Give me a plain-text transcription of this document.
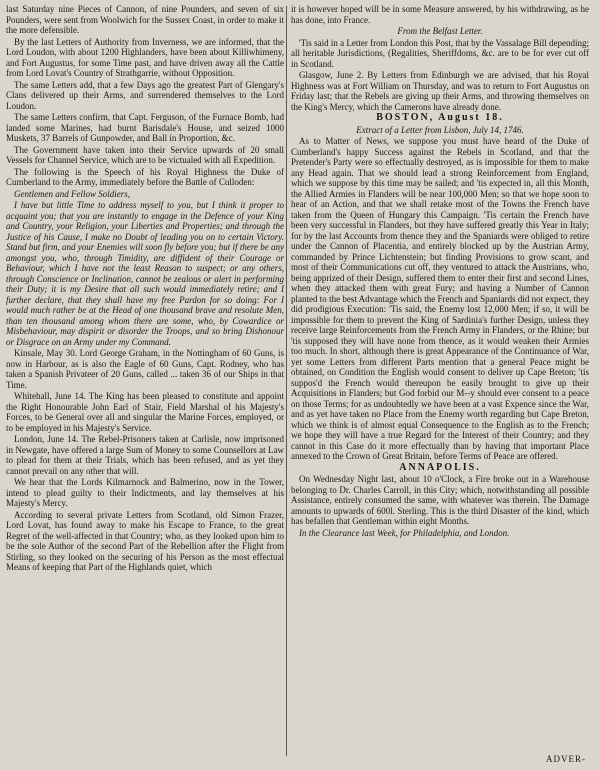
last Saturday nine Pieces of Cannon, of nine Pounders, and seven of six Pounders, were sent from Woolwich for the Sussex Coast, in order to make it the more defensible.

By the last Letters of Authority from Inverness, we are informed, that the Lord Loudon, with about 1200 Highlanders, have been about Killiwhimeny, and Fort Augustus, for some Time past, and have driven away all the Cattle from Lord Lovat's Country of Strathgarrie, without Opposition.

The same Letters add, that a few Days ago the greatest Part of Glengary's Clans delivered up their Arms, and surrendered themselves to the Lord Loudon.

The same Letters confirm, that Capt. Ferguson, of the Furnace Bomb, had landed some Marines, had burnt Barisdale's House, and seized 1000 Muskets, 37 Barrels of Gunpowder, and Ball in Proportion, &c.

The Government have taken into their Service upwards of 20 small Vessels for Channel Service, which are to be victualed with all Expedition.

The following is the Speech of his Royal Highness the Duke of Cumberland to the Army, immediately before the Battle of Culloden:

Gentlemen and Fellow Soldiers,

I have but little Time to address myself to you, but I think it proper to acquaint you; that you are instantly to engage in the Defence of your King and Country, your Religion, your Liberties and Properties; and through the Justice of his Cause, I make no Doubt of leading you on to certain Victory. Stand but firm, and your Enemies will soon fly before you; but if there be any amongst you, who, through Timidity, are diffident of their Courage or Behaviour, which I have not the least Reason to suspect; or any others, through Conscience or Inclination, cannot be zealous or alert in performing their Duty; it is my Desire that all such would immediately retire; and I further declare, that they shall have my free Pardon for so doing: For I would much rather be at the Head of one thousand brave and resolute Men, than ten thousand among whom there are some, who, by Cowardice or Misbehaviour, may dispirit or disorder the Troops, and so bring Dishonour or Disgrace on an Army under my Command.

Kinsale, May 30. Lord George Graham, in the Nottingham of 60 Guns, is now in Harbour, as is also the Eagle of 60 Guns, Capt. Rodney, who has taken a Spanish Privateer of 20 Guns, called ... taken 36 of our Ships in that Time.

Whitehall, June 14. The King has been pleased to constitute and appoint the Right Honourable John Earl of Stair, Field Marshal of his Majesty's Forces, to be General over all and singular the Marine Forces, employed, or to be employed in his Majesty's Service.

London, June 14. The Rebel-Prisoners taken at Carlisle, now imprisoned in Newgate, have offered a large Sum of Money to some Counsellors at Law to plead for them at their Trials, which has been refused, and as yet they cannot prevail on any other that will.

We hear that the Lords Kilmarnock and Balmerino, now in the Tower, intend to plead guilty to their Indictments, and lay themselves at his Majesty's Mercy.

According to several private Letters from Scotland, old Simon Frazer, Lord Lovat, has found away to make his Escape to France, to the great Regret of the well-affected in that Country; who, as they looked upon him to be the sole Author of the second Part of the Rebellion after the Flight from Stirling, so they looked on the securing of his Person as the most effectual Means of keeping that Part of the Highlands quiet, which

it is however hoped will be in some Measure answered, by his withdrawing, as he has done, into France.

From the Belfast Letter.

'Tis said in a Letter from London this Post, that by the Vassalage Bill depending; all heritable Jurisdictions, (Regalities, Sheriffdoms, &c. are to be for ever cut off in Scotland.

Glasgow, June 2. By Letters from Edinburgh we are advised, that his Royal Highness was at Fort William on Thursday, and was to return to Fort Augustus on Friday last; that the Rebels are giving up their Arms, and throwing themselves on the King's Mercy, which the Camerons have already done.

BOSTON, August 18.
Extract of a Letter from Lisbon, July 14, 1746.

As to Matter of News, we suppose you must have heard of the Duke of Cumberland's happy Success against the Rebels in Scotland, and that the Pretender's Party were so effectually destroyed, as is impossible for them to make any Head again. That we should lead a strong Reinforcement from England, which we suppose by this time may be sailed; and 'tis expected in, all this Month, the Allied Armies in Flanders will be near 100,000 Men; so that we hope soon to hear of an Action, and that we shall retake most of the Towns the French have taken from the Queen of Hungary this Campaign. 'Tis certain the French have been very successful in Flanders, but they have suffered greatly this Year in Italy; for by the last Accounts from thence they and the Spaniards were obliged to retire under the Cannon of Placentia, and entirely blocked up by the Austrian Army, commanded by Prince Lichtenstein; but finding Provisions to grow scant, and most of their Communications cut off, they ventured to attack the Austrians, who, being apprized of their Design, suffered them to enter their first and second Lines, when they attacked them with great Fury; and having a Number of Cannon planted to the best Advantage which the French and Spaniards did not expect, they did prodigious Execution: 'Tis said, the Enemy lost 12,000 Men; if so, it will be impossible for them to prevent the King of Sardinia's further Design, unless they receive large Reinforcements from the French Army in Flanders, or the Rhine; but 'tis supposed they will have none from thence, as it would weaken their Armies too much. In short, although there is great Appearance of the Continuance of War, yet some Letters from different Parts mention that a general Peace might be obtained, on Condition the English would consent to deliver up Cape Breton; 'tis suppos'd the French would thereupon be easily brought to give up their Acquisitions in Flanders; but God forbid our M--y should ever consent to a peace on those Terms; for as undoubtedly we have been at a vast Expence since the War, and as yet have taken no Place from the Enemy worth regarding but Cape Breton, which we think is of almost equal Consequence to the English as to the French; we hope they will have a true Regard for the Interest of their Country; and they cannot in this Case do it more effectually than by having that important Place annexed to the Crown of Great Britain, before Terms of Peace are offered.

ANNAPOLIS.

On Wednesday Night last, about 10 o'Clock, a Fire broke out in a Warehouse belonging to Dr. Charles Carroll, in this City; which, notwithstanding all possible Assistance, entirely consumed the same, with whatever was therein. The Damage amounts to upwards of 600l. Sterling. This is the third Disaster of the kind, which has befallen that Gentleman within eight Months.

In the Clearance last Week, for Philadelphia, and London.

ADVER-
